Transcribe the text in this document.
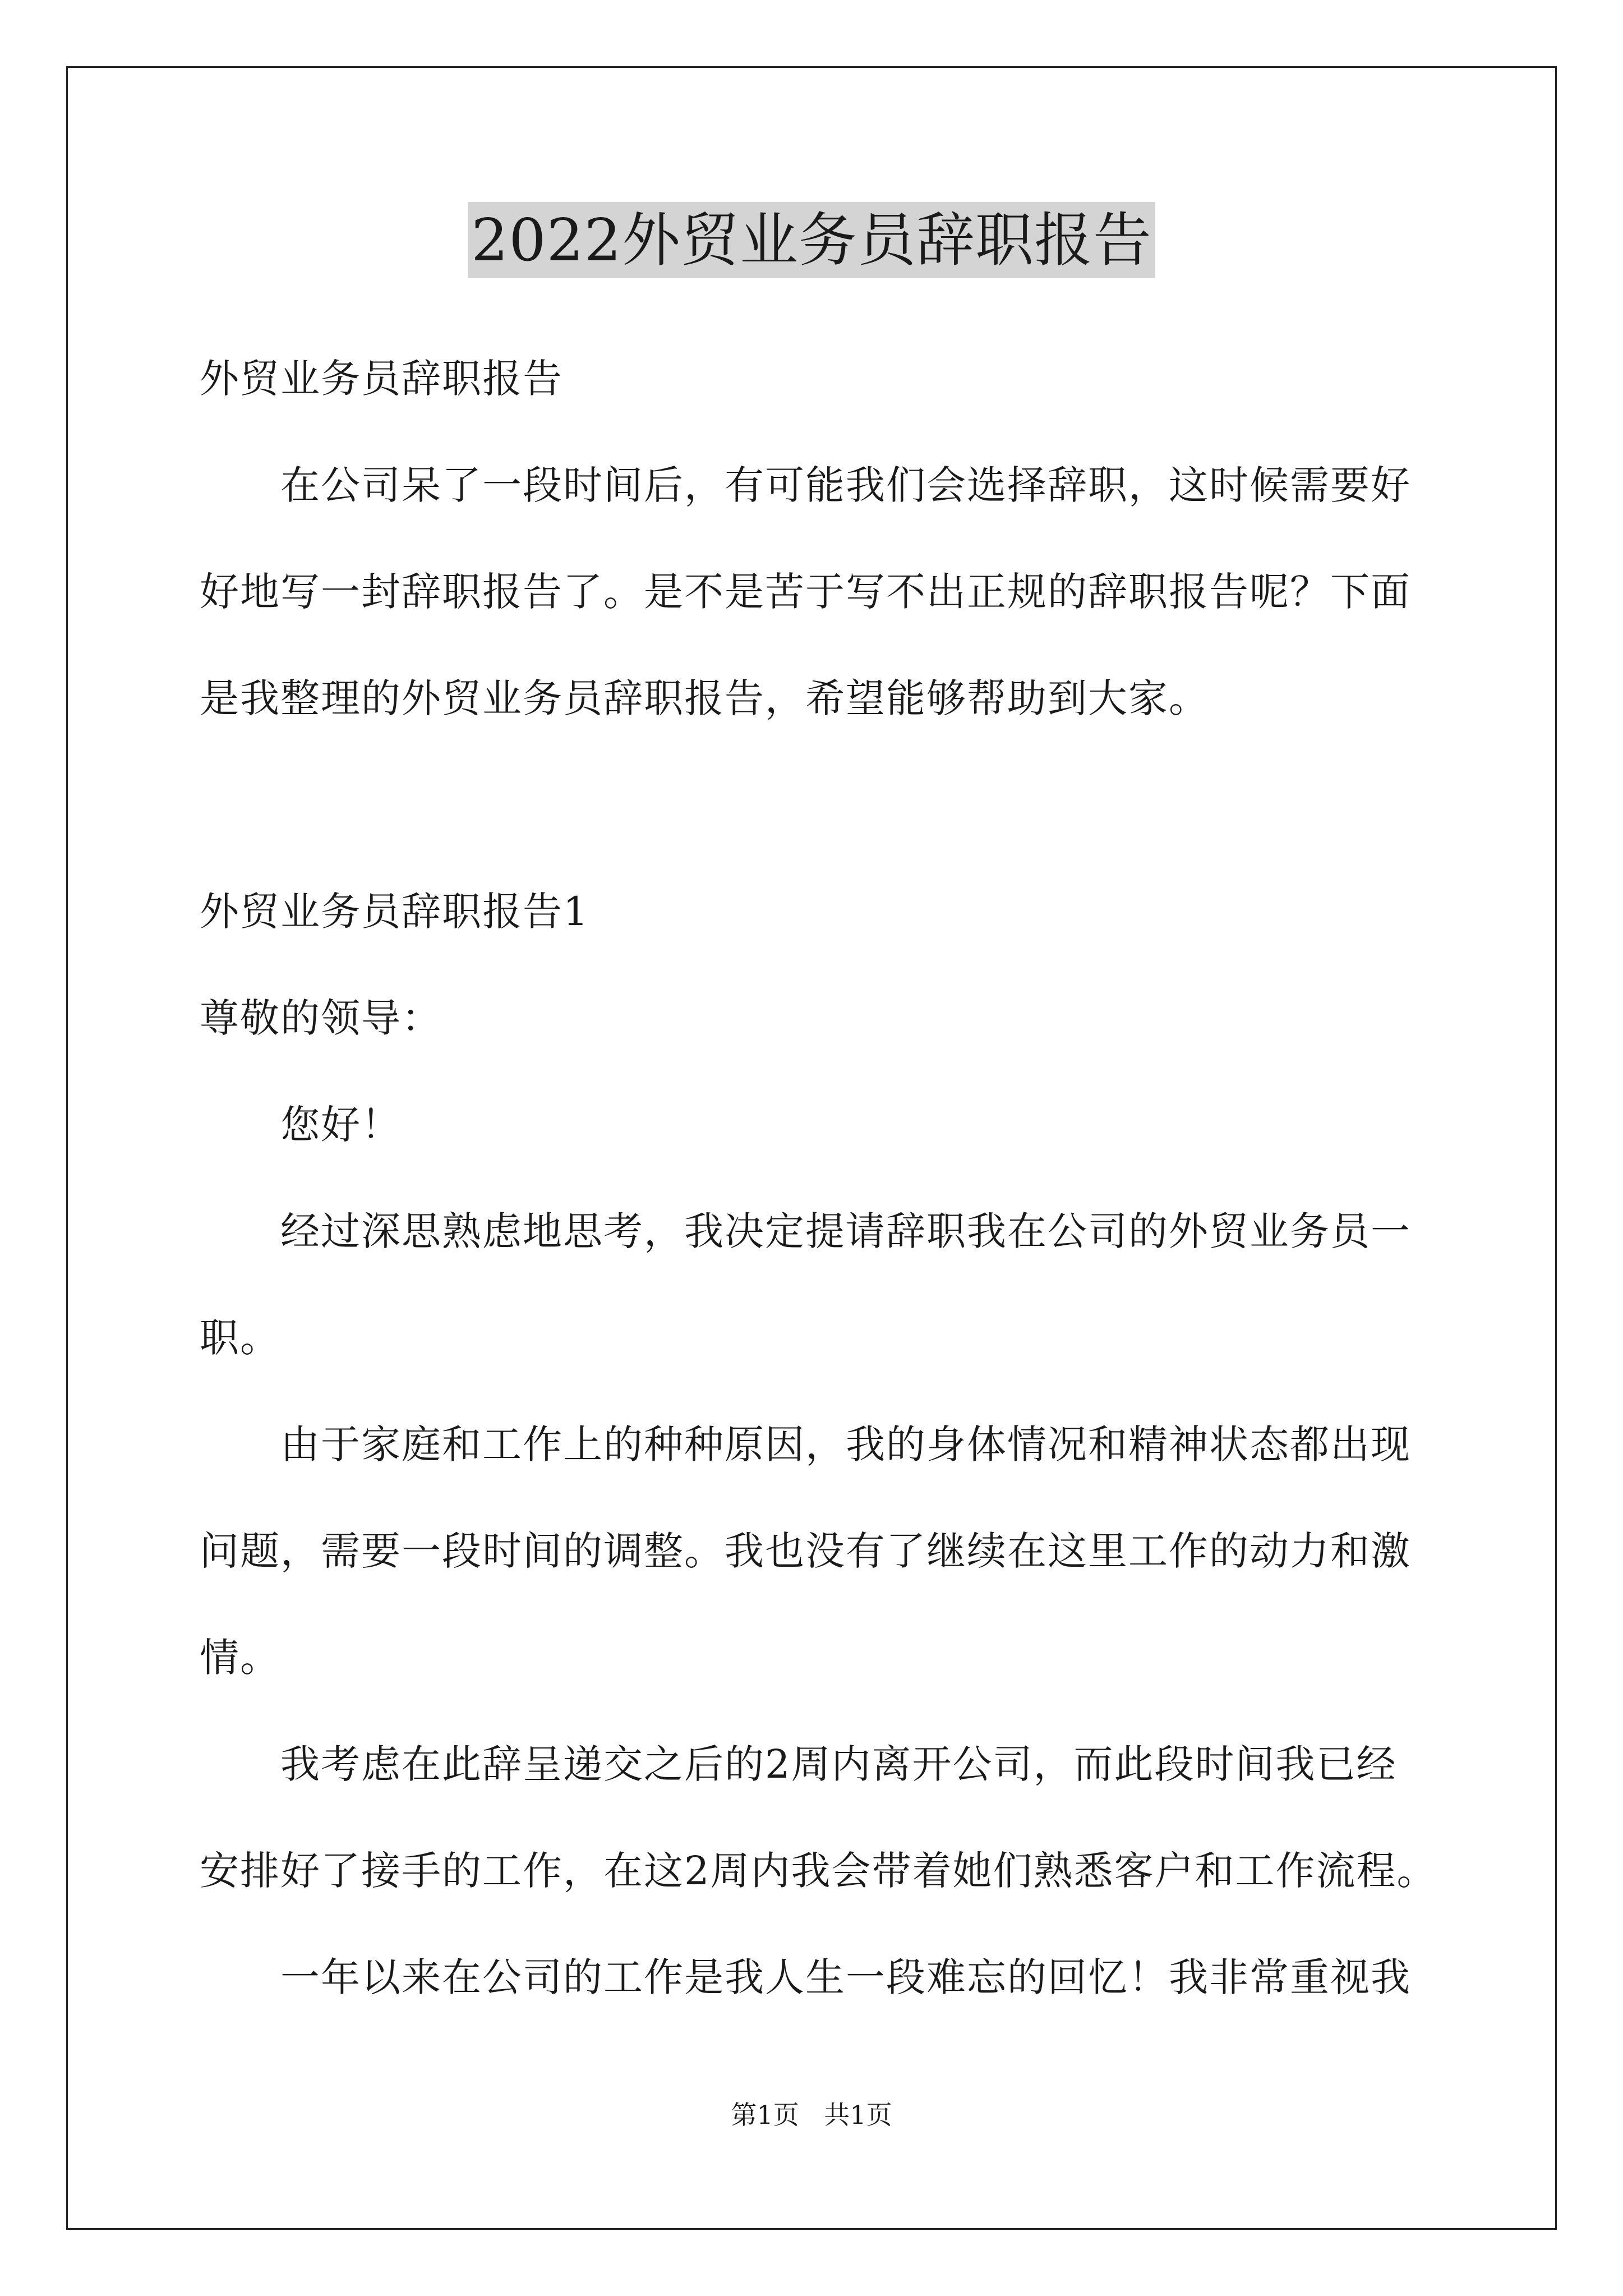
2022外贸业务员辞职报告
外贸业务员辞职报告
在公司呆了一段时间后，有可能我们会选择辞职，这时候需要好
好地写一封辞职报告了。是不是苦于写不出正规的辞职报告呢？下面
是我整理的外贸业务员辞职报告，希望能够帮助到大家。
外贸业务员辞职报告1
尊敬的领导：
您好！
经过深思熟虑地思考，我决定提请辞职我在公司的外贸业务员一
职。
由于家庭和工作上的种种原因，我的身体情况和精神状态都出现
问题，需要一段时间的调整。我也没有了继续在这里工作的动力和激
情。
我考虑在此辞呈递交之后的2周内离开公司，而此段时间我已经
安排好了接手的工作，在这2周内我会带着她们熟悉客户和工作流程。
一年以来在公司的工作是我人生一段难忘的回忆！我非常重视我
第1页 共1页
